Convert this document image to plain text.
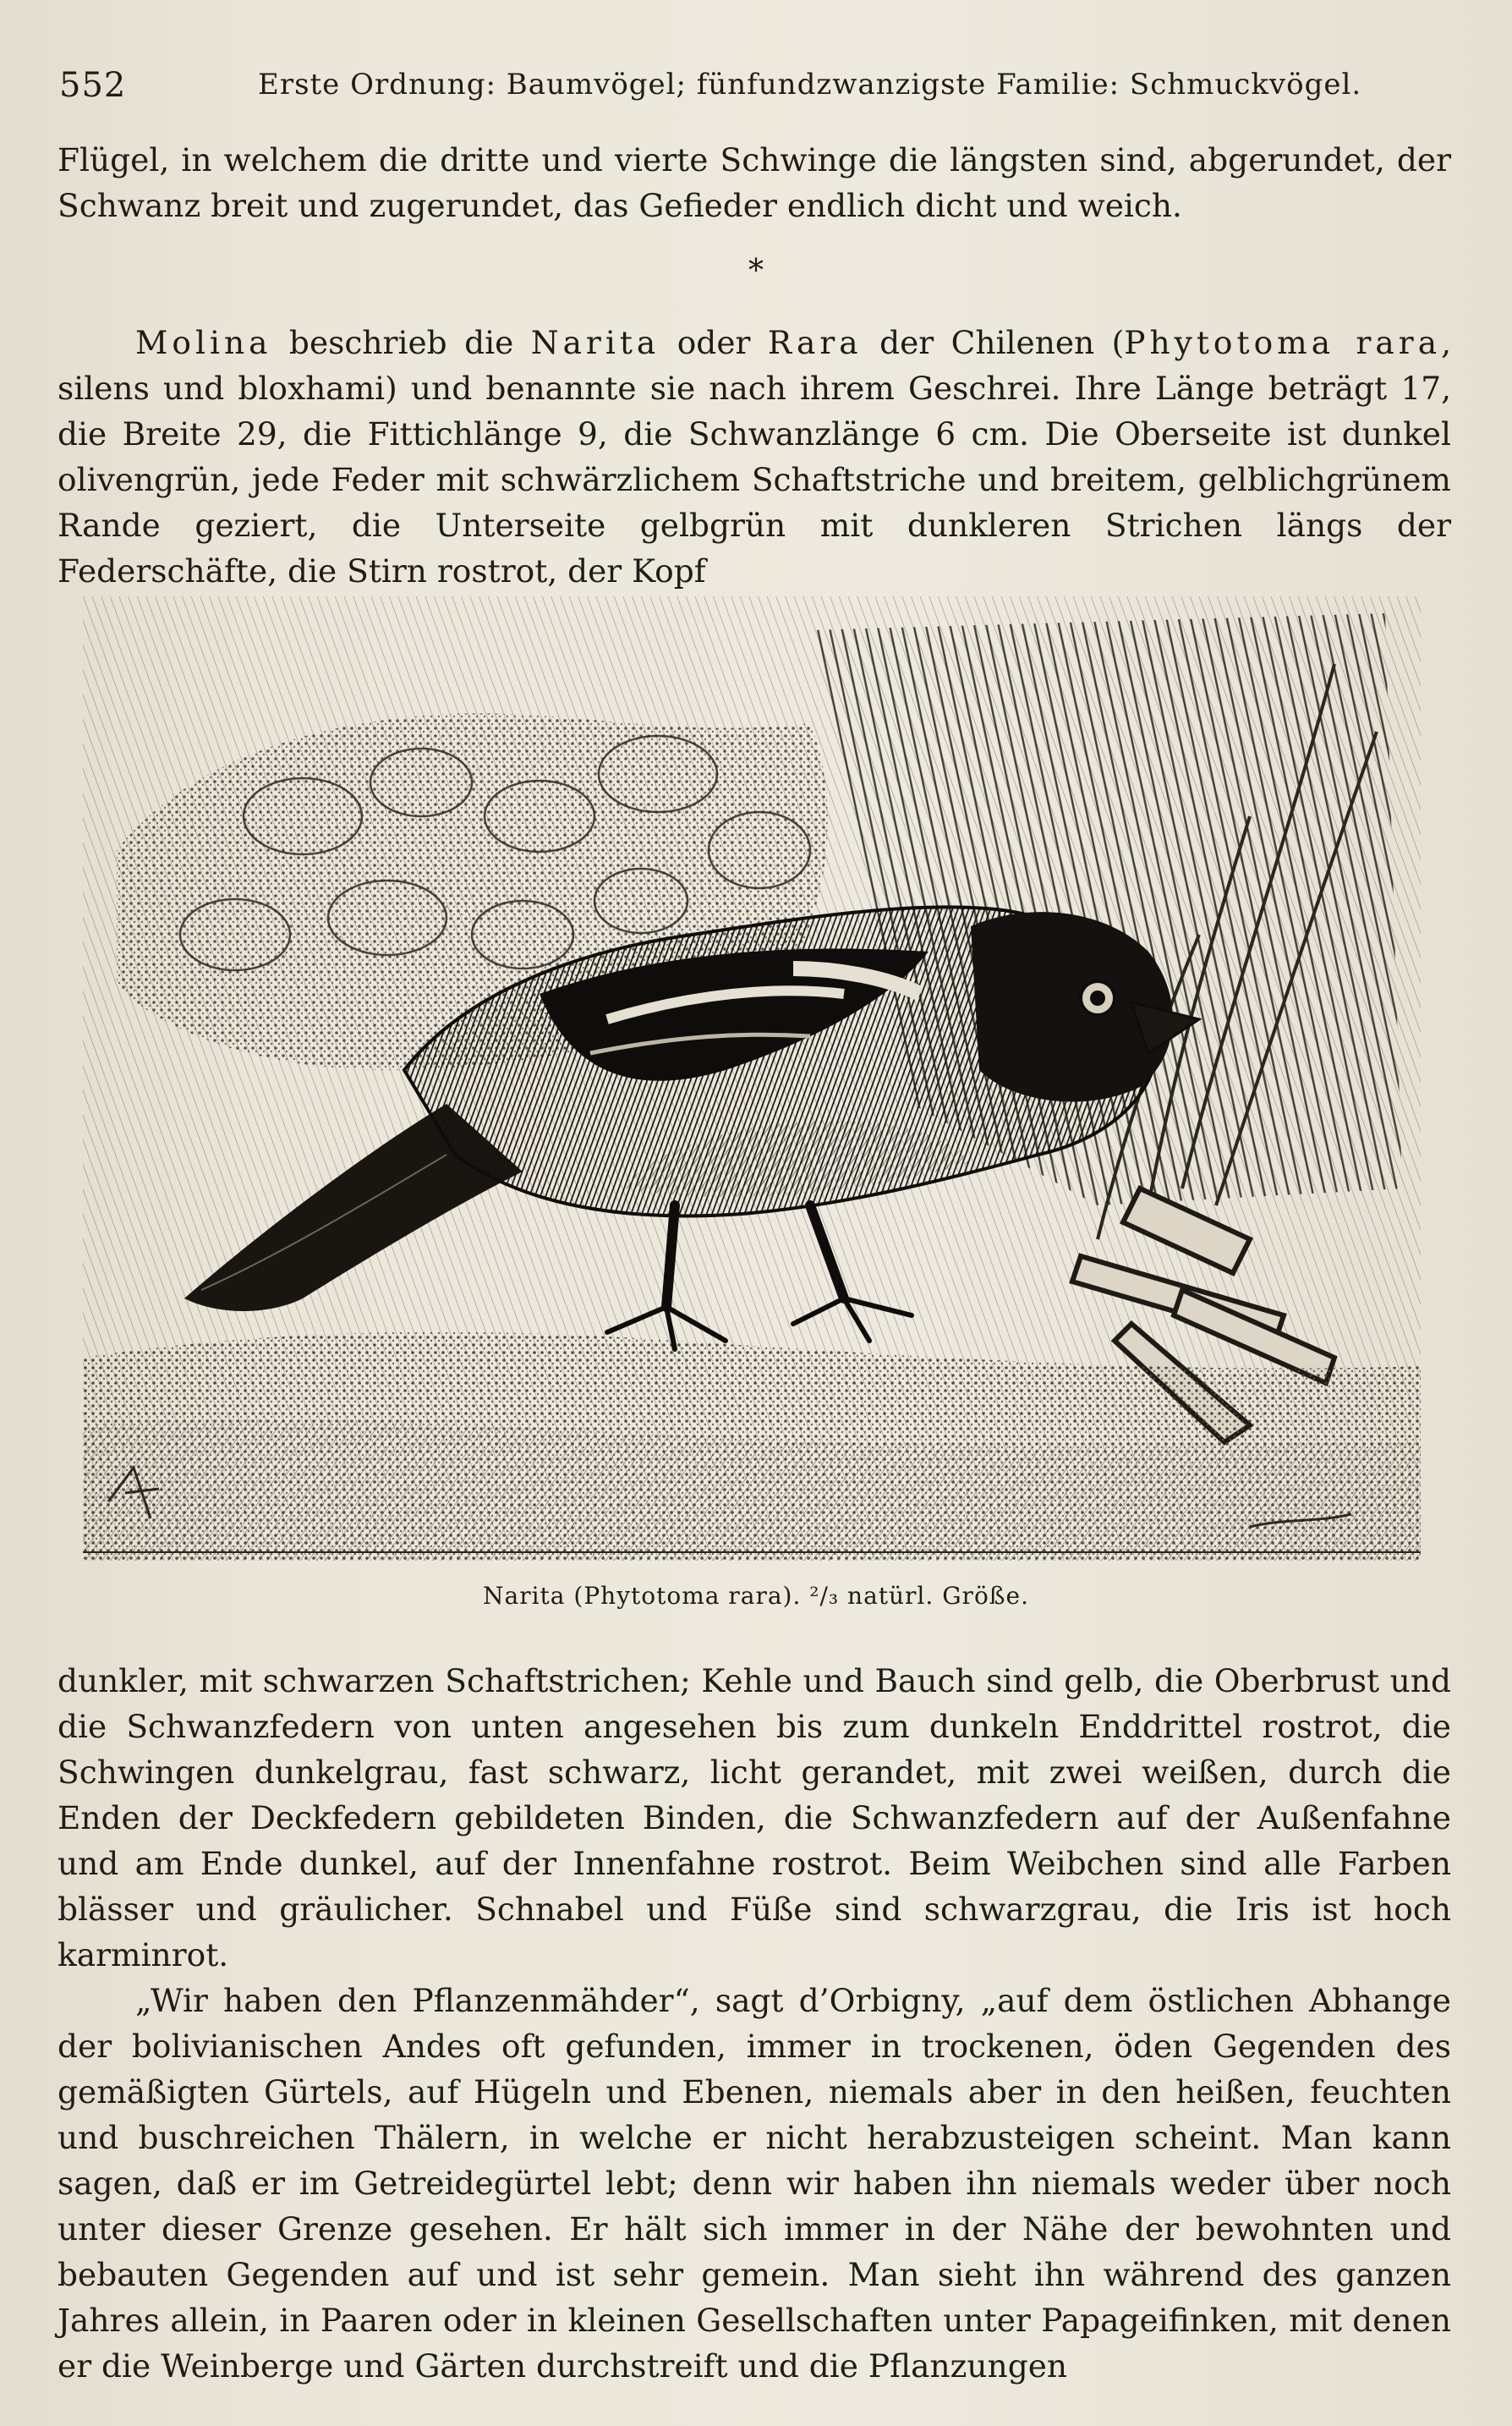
552	Erste Ordnung: Baumvögel; fünfundzwanzigste Familie: Schmuckvögel.

Flügel, in welchem die dritte und vierte Schwinge die längsten sind, abgerundet, der Schwanz breit und zugerundet, das Gefieder endlich dicht und weich.

*

Molina beschrieb die Narita oder Rara der Chilenen (Phytotoma rara, silens und bloxhami) und benannte sie nach ihrem Geschrei. Ihre Länge beträgt 17, die Breite 29, die Fittichlänge 9, die Schwanzlänge 6 cm. Die Oberseite ist dunkel olivengrün, jede Feder mit schwärzlichem Schaftstriche und breitem, gelblichgrünem Rande geziert, die Unterseite gelbgrün mit dunkleren Strichen längs der Federschäfte, die Stirn rostrot, der Kopf

Narita (Phytotoma rara). ²/₃ natürl. Größe.

dunkler, mit schwarzen Schaftstrichen; Kehle und Bauch sind gelb, die Oberbrust und die Schwanzfedern von unten angesehen bis zum dunkeln Enddrittel rostrot, die Schwingen dunkelgrau, fast schwarz, licht gerandet, mit zwei weißen, durch die Enden der Deckfedern gebildeten Binden, die Schwanzfedern auf der Außenfahne und am Ende dunkel, auf der Innenfahne rostrot. Beim Weibchen sind alle Farben blässer und gräulicher. Schnabel und Füße sind schwarzgrau, die Iris ist hoch karminrot.

„Wir haben den Pflanzenmähder“, sagt d’Orbigny, „auf dem östlichen Abhange der bolivianischen Andes oft gefunden, immer in trockenen, öden Gegenden des gemäßigten Gürtels, auf Hügeln und Ebenen, niemals aber in den heißen, feuchten und buschreichen Thälern, in welche er nicht herabzusteigen scheint. Man kann sagen, daß er im Getreidegürtel lebt; denn wir haben ihn niemals weder über noch unter dieser Grenze gesehen. Er hält sich immer in der Nähe der bewohnten und bebauten Gegenden auf und ist sehr gemein. Man sieht ihn während des ganzen Jahres allein, in Paaren oder in kleinen Gesellschaften unter Papageifinken, mit denen er die Weinberge und Gärten durchstreift und die Pflanzungen
